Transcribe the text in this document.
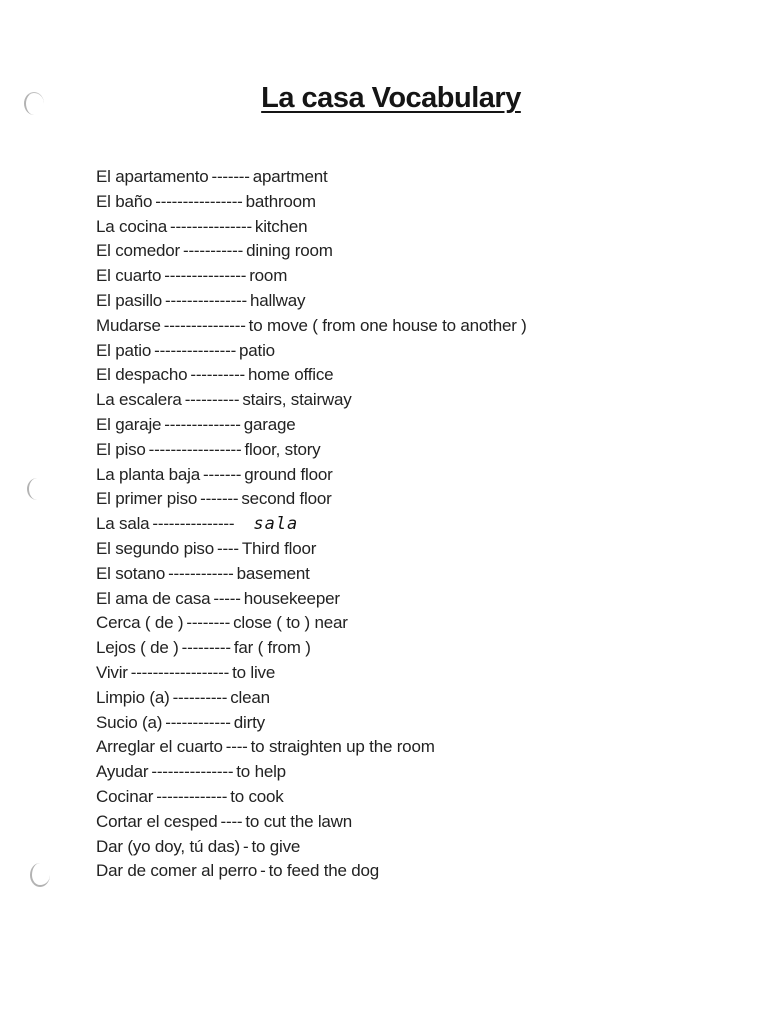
La casa Vocabulary
El apartamento ------- apartment
El baño ---------------- bathroom
La cocina --------------- kitchen
El comedor ----------- dining room
El cuarto --------------- room
El pasillo --------------- hallway
Mudarse --------------- to move ( from one house to another )
El patio --------------- patio
El despacho ---------- home office
La escalera ---------- stairs, stairway
El garaje -------------- garage
El piso ----------------- floor, story
La planta baja ------- ground floor
El primer piso ------- second floor
La sala --------------- sala
El segundo piso ---- Third floor
El sotano ------------ basement
El ama de casa ----- housekeeper
Cerca ( de ) -------- close ( to ) near
Lejos ( de ) --------- far ( from )
Vivir ------------------ to live
Limpio (a) ---------- clean
Sucio (a) ------------ dirty
Arreglar el cuarto ---- to straighten up the room
Ayudar --------------- to help
Cocinar ------------- to cook
Cortar el cesped ---- to cut the lawn
Dar (yo doy, tú das) - to give
Dar de comer al perro - to feed the dog
